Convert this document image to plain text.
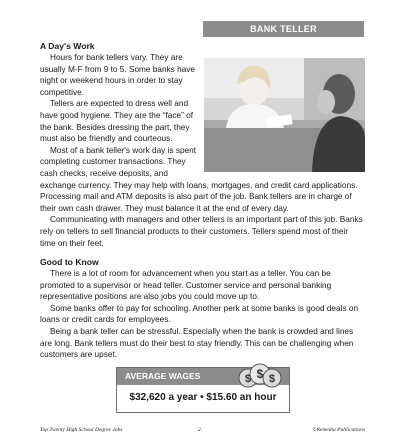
BANK TELLER
A Day's Work

Hours for bank tellers vary. They are usually M-F from 9 to 5. Some banks have night or weekend hours in order to stay competitive.

Tellers are expected to dress well and have good hygiene. They are the “face” of the bank. Besides dressing the part, they must also be friendly and courteous.

Most of a bank teller's work day is spent completing customer transactions. They cash checks, receive deposits, and exchange currency. They may help with loans, mortgages, and credit card applications. Processing mail and ATM deposits is also part of the job. Bank tellers are in charge of their own cash drawer. They must balance it at the end of every day.

Communicating with managers and other tellers is an important part of this job. Banks rely on tellers to sell financial products to their customers. Tellers spend most of their time on their feet.

Good to Know

There is a lot of room for advancement when you start as a teller. You can be promoted to a supervisor or head teller. Customer service and personal banking representative positions are also jobs you could move up to.

Some banks offer to pay for schooling. Another perk at some banks is good deals on loans or credit cards for employees.

Being a bank teller can be stressful. Especially when the bank is crowded and lines are long. Bank tellers must do their best to stay friendly. This can be challenging when customers are upset.

AVERAGE WAGES	$ $ $
$32,620 a year • $15.60 an hour
Top Twenty High School Degree Jobs	2	©Remedia Publications
